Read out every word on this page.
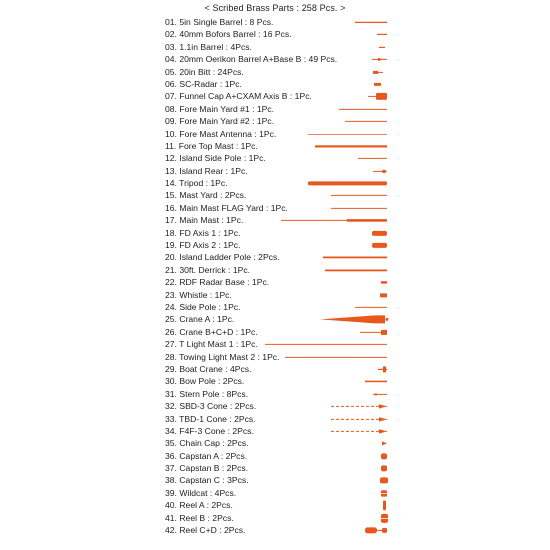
< Scribed Brass Parts : 258 Pcs. >
01. 5in Single Barrel : 8 Pcs.
02. 40mm Bofors Barrel : 16 Pcs.
03. 1.1in Barrel : 4Pcs.
04. 20mm Oerikon Barrel A+Base B : 49 Pcs.
05. 20in Bitt : 24Pcs.
06. SC-Radar : 1Pc.
07. Funnel Cap A+CXAM Axis B : 1Pc.
08. Fore Main Yard #1 : 1Pc.
09. Fore Main Yard #2 : 1Pc.
10. Fore Mast Antenna : 1Pc.
11. Fore Top Mast : 1Pc.
12. Island Side Pole : 1Pc.
13. Island Rear : 1Pc.
14. Tripod : 1Pc.
15. Mast Yard : 2Pcs.
16. Main Mast FLAG Yard : 1Pc.
17. Main Mast : 1Pc.
18. FD Axis 1 : 1Pc.
19. FD Axis 2 : 1Pc.
20. Island Ladder Pole : 2Pcs.
21. 30ft. Derrick : 1Pc.
22. RDF Radar Base : 1Pc.
23. Whistle : 1Pc.
24. Side Pole : 1Pc.
25. Crane A : 1Pc.
26. Crane B+C+D : 1Pc.
27. T Light Mast 1 : 1Pc.
28. Towing Light Mast 2 : 1Pc.
29. Boat Crane : 4Pcs.
30. Bow Pole : 2Pcs.
31. Stern Pole : 8Pcs.
32. SBD-3 Cone : 2Pcs.
33. TBD-1 Cone : 2Pcs.
34. F4F-3 Cone : 2Pcs.
35. Chain Cap : 2Pcs.
36. Capstan A : 2Pcs.
37. Capstan B : 2Pcs.
38. Capstan C : 3Pcs.
39. Wildcat : 4Pcs.
40. Reel A : 2Pcs.
41. Reel B : 2Pcs.
42. Reel C+D : 2Pcs.
